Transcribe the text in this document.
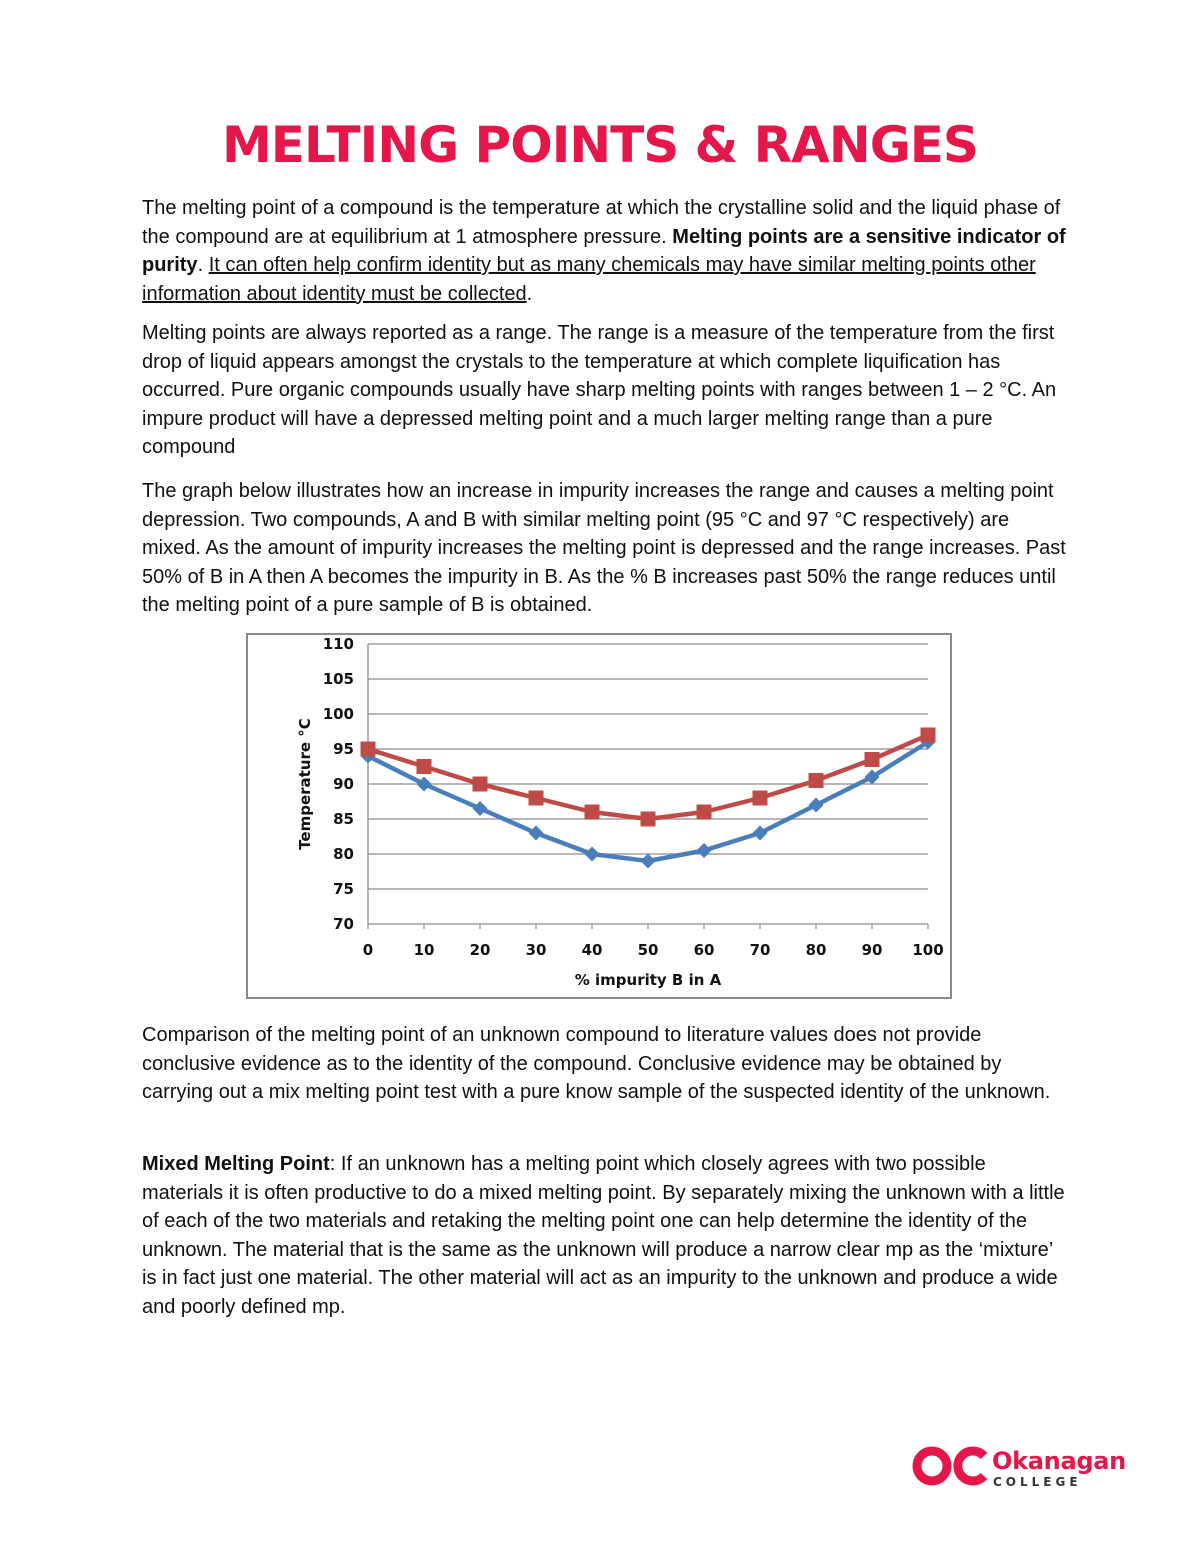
MELTING POINTS & RANGES

The melting point of a compound is the temperature at which the crystalline solid and the liquid phase of the compound are at equilibrium at 1 atmosphere pressure. Melting points are a sensitive indicator of purity. It can often help confirm identity but as many chemicals may have similar melting points other information about identity must be collected.

Melting points are always reported as a range. The range is a measure of the temperature from the first drop of liquid appears amongst the crystals to the temperature at which complete liquification has occurred. Pure organic compounds usually have sharp melting points with ranges between 1 – 2 °C. An impure product will have a depressed melting point and a much larger melting range than a pure compound

The graph below illustrates how an increase in impurity increases the range and causes a melting point depression. Two compounds, A and B with similar melting point (95 °C and 97 °C respectively) are mixed. As the amount of impurity increases the melting point is depressed and the range increases. Past 50% of B in A then A becomes the impurity in B. As the % B increases past 50% the range reduces until the melting point of a pure sample of B is obtained.

70
75
80
85
90
95
100
105
110
0	10 20 30 40 50 60 70 80 90 100
% impurity B in A
Temperature °C

Comparison of the melting point of an unknown compound to literature values does not provide conclusive evidence as to the identity of the compound. Conclusive evidence may be obtained by carrying out a mix melting point test with a pure know sample of the suspected identity of the unknown.

Mixed Melting Point: If an unknown has a melting point which closely agrees with two possible materials it is often productive to do a mixed melting point. By separately mixing the unknown with a little of each of the two materials and retaking the melting point one can help determine the identity of the unknown. The material that is the same as the unknown will produce a narrow clear mp as the ‘mixture’ is in fact just one material. The other material will act as an impurity to the unknown and produce a wide and poorly defined mp.

Okanagan
COLLEGE
